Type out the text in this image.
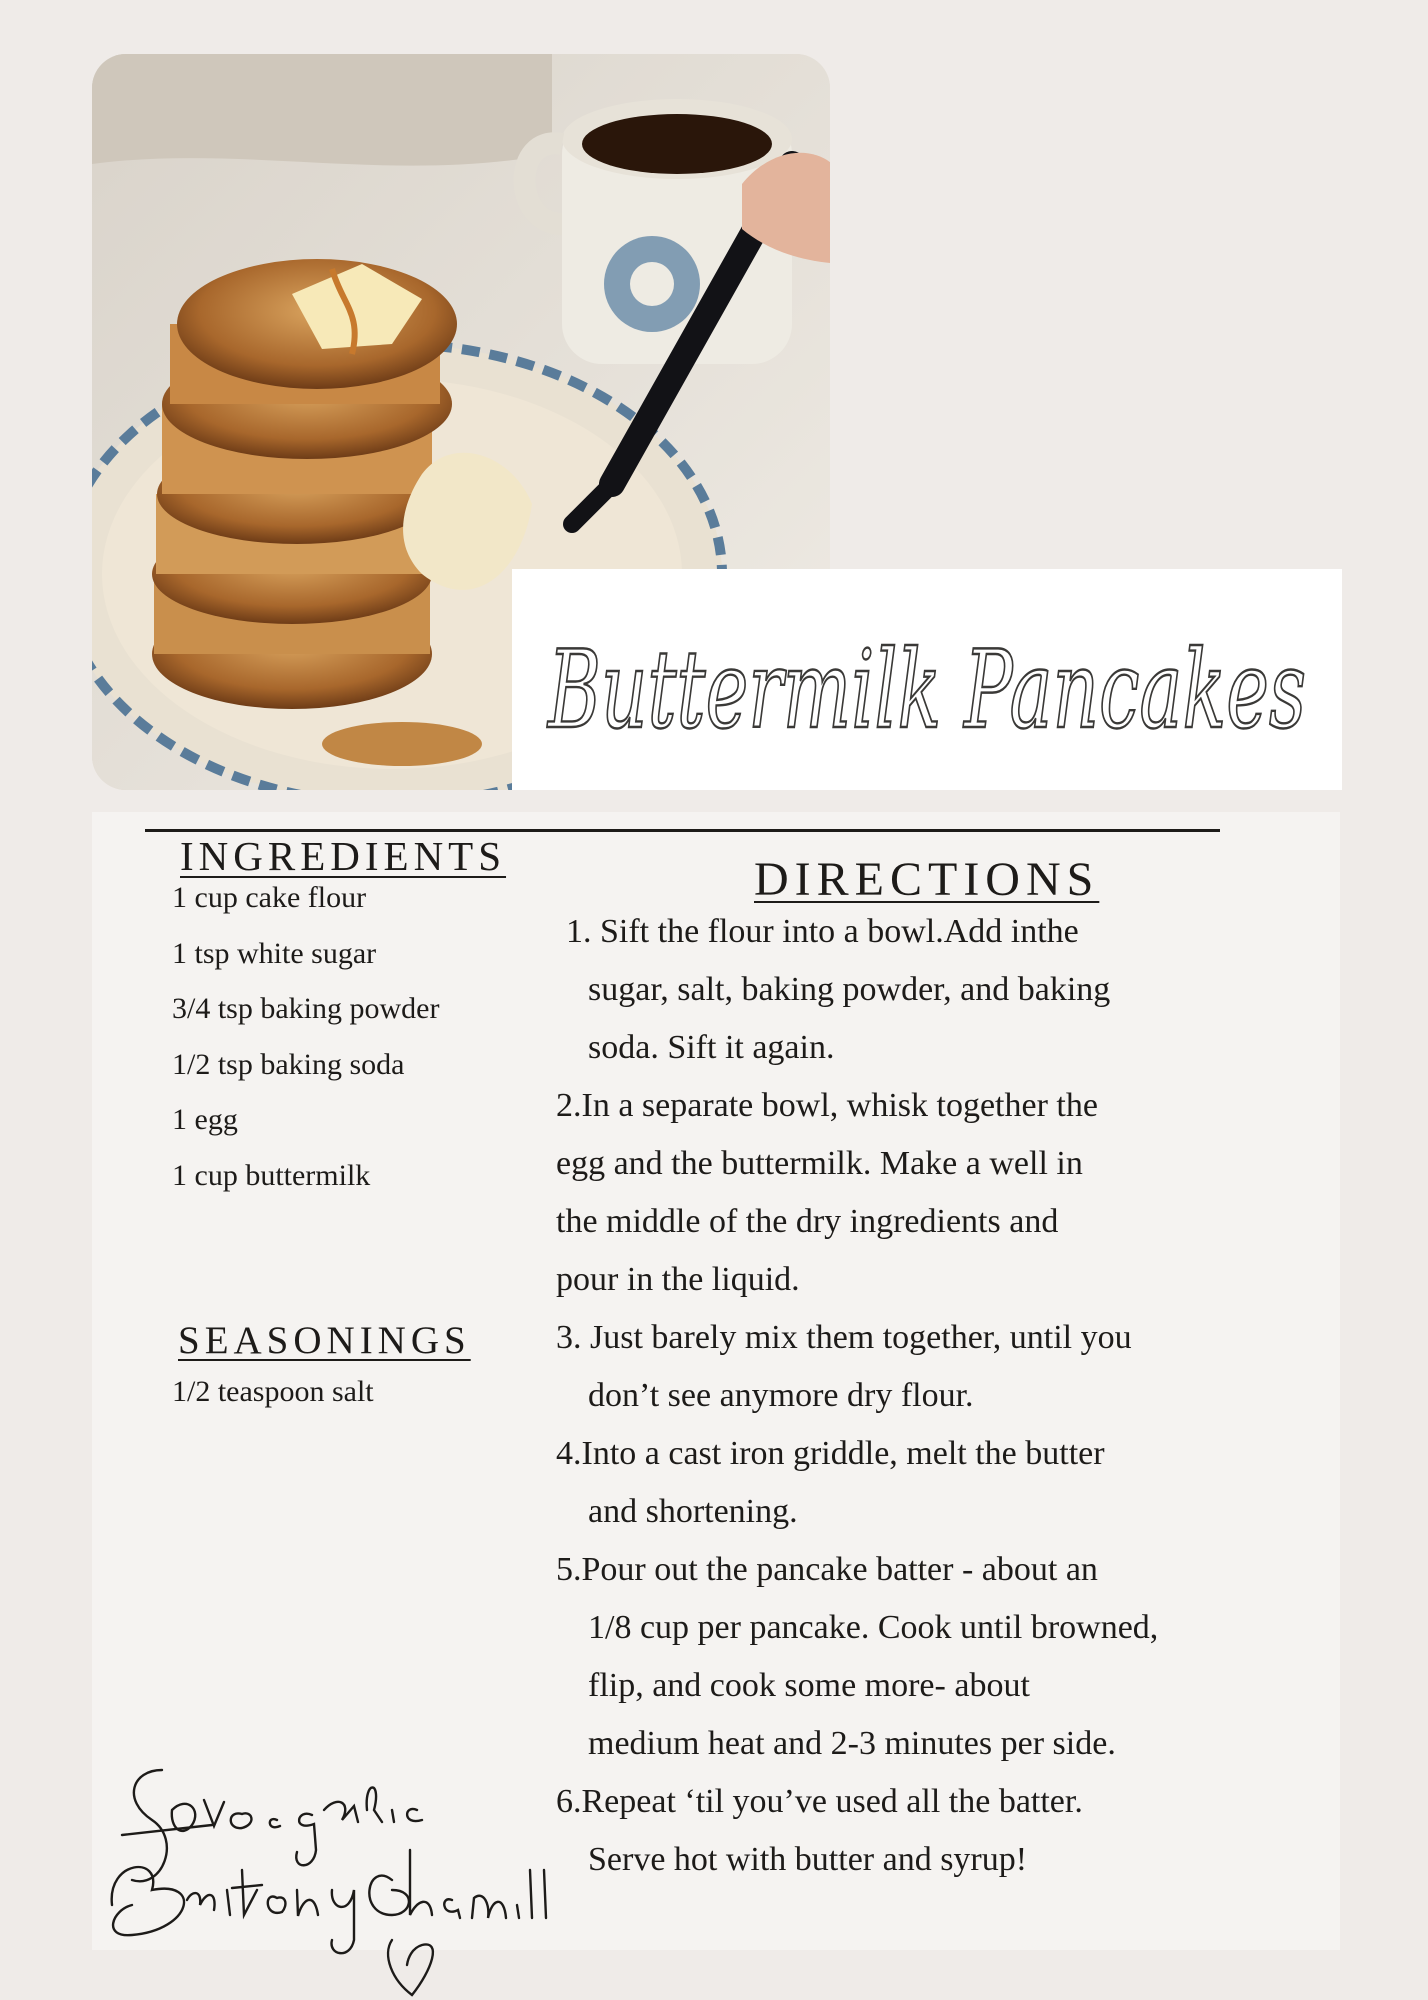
Buttermilk Pancakes
INGREDIENTS
1 cup cake flour
1 tsp white sugar
3/4 tsp baking powder
1/2 tsp baking soda
1 egg
1 cup buttermilk
SEASONINGS
1/2 teaspoon salt
DIRECTIONS
1. Sift the flour into a bowl.Add inthe
sugar, salt, baking powder, and baking
soda. Sift it again.
2.In a separate bowl, whisk together the
egg and the buttermilk. Make a well in
the middle of the dry ingredients and
pour in the liquid.
3. Just barely mix them together, until you
don’t see anymore dry flour.
4.Into a cast iron griddle, melt the butter
and shortening.
5.Pour out the pancake batter - about an
1/8 cup per pancake. Cook until browned,
flip, and cook some more- about
medium heat and 2-3 minutes per side.
6.Repeat ‘til you’ve used all the batter.
Serve hot with butter and syrup!
